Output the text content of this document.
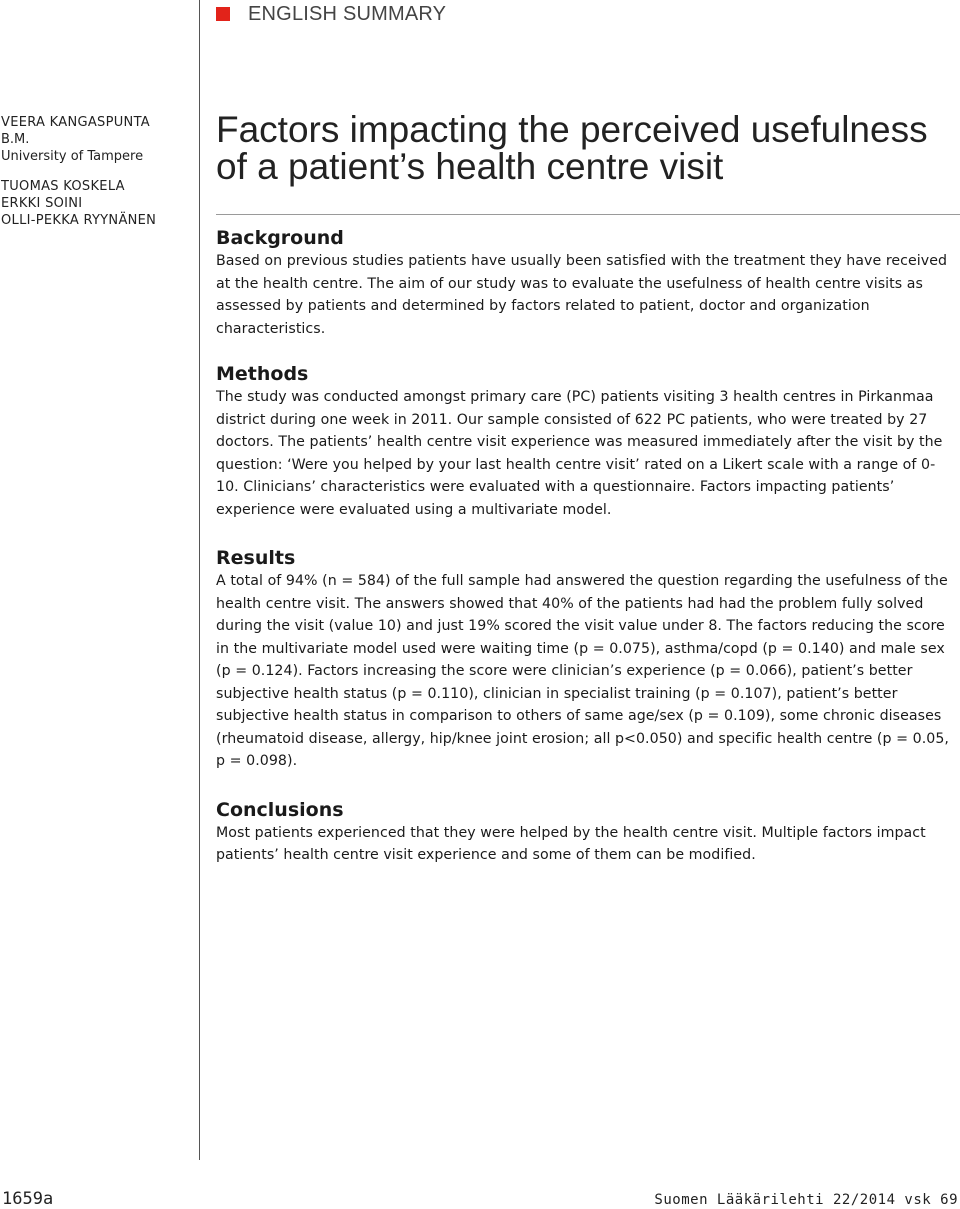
ENGLISH SUMMARY
VEERA KANGASPUNTA
B.M.
University of Tampere
TUOMAS KOSKELA
ERKKI SOINI
OLLI-PEKKA RYYNÄNEN
Factors impacting the perceived usefulness of a patient’s health centre visit
Background

Based on previous studies patients have usually been satisfied with the treatment they have received at the health centre. The aim of our study was to evaluate the usefulness of health centre visits as assessed by patients and determined by factors related to patient, doctor and organization characteristics.

Methods

The study was conducted amongst primary care (PC) patients visiting 3 health centres in Pirkanmaa district during one week in 2011. Our sample consisted of 622 PC patients, who were treated by 27 doctors. The patients’ health centre visit experience was measured immediately after the visit by the question: ‘Were you helped by your last health centre visit’ rated on a Likert scale with a range of 0-10. Clinicians’ characteristics were evaluated with a questionnaire. Factors impacting patients’ experience were evaluated using a multivariate model.

Results

A total of 94% (n = 584) of the full sample had answered the question regarding the usefulness of the health centre visit. The answers showed that 40% of the patients had had the problem fully solved during the visit (value 10) and just 19% scored the visit value under 8. The factors reducing the score in the multivariate model used were waiting time (p = 0.075), asthma/copd (p = 0.140) and male sex (p = 0.124). Factors increasing the score were clinician’s experience (p = 0.066), patient’s better subjective health status (p = 0.110), clinician in specialist training (p = 0.107), patient’s better subjective health status in comparison to others of same age/sex (p = 0.109), some chronic diseases (rheumatoid disease, allergy, hip/knee joint erosion; all p<0.050) and specific health centre (p = 0.05, p = 0.098).

Conclusions

Most patients experienced that they were helped by the health centre visit. Multiple factors impact patients’ health centre visit experience and some of them can be modified.

1659a	Suomen Lääkärilehti 22/2014 vsk 69
